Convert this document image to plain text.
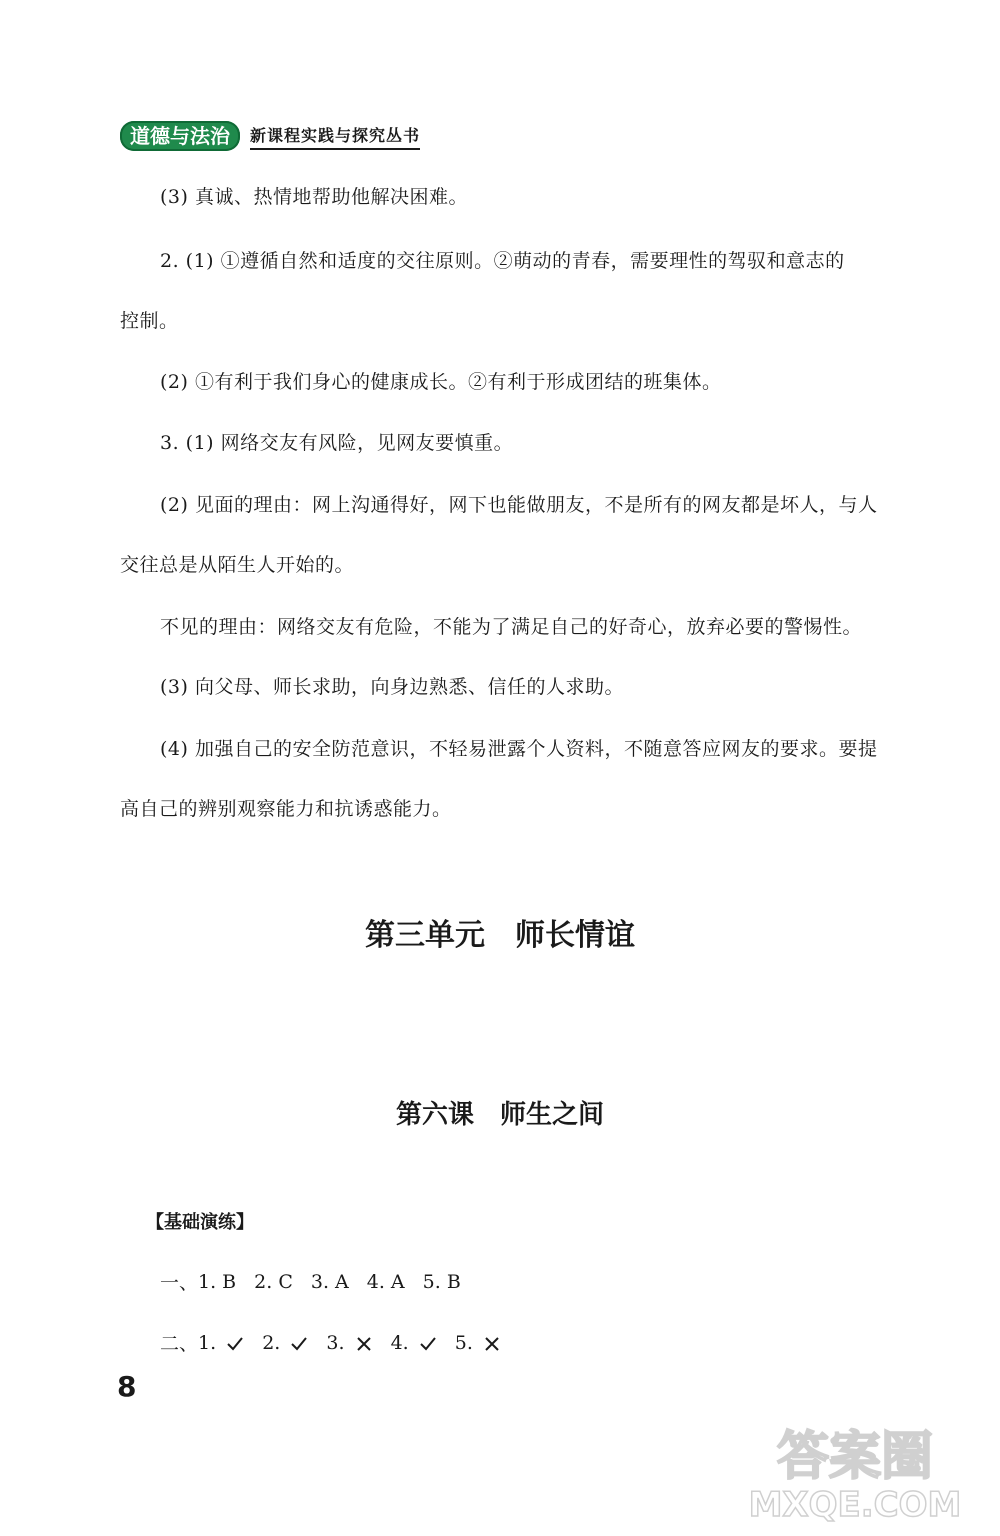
道德与法治	新课程实践与探究丛书
(3) 真诚、热情地帮助他解决困难。
2. (1) ①遵循自然和适度的交往原则。②萌动的青春，需要理性的驾驭和意志的
控制。
(2) ①有利于我们身心的健康成长。②有利于形成团结的班集体。
3. (1) 网络交友有风险，见网友要慎重。
(2) 见面的理由：网上沟通得好，网下也能做朋友，不是所有的网友都是坏人，与人
交往总是从陌生人开始的。
不见的理由：网络交友有危险，不能为了满足自己的好奇心，放弃必要的警惕性。
(3) 向父母、师长求助，向身边熟悉、信任的人求助。
(4) 加强自己的安全防范意识，不轻易泄露个人资料，不随意答应网友的要求。要提
高自己的辨别观察能力和抗诱惑能力。
第三单元　师长情谊
第六课　师生之间
【基础演练】
一、 1. B 2. C 3. A 4. A 5. B
二、 1.	2.	3.	4.	5.
8
答案圈
MXQE.COM
